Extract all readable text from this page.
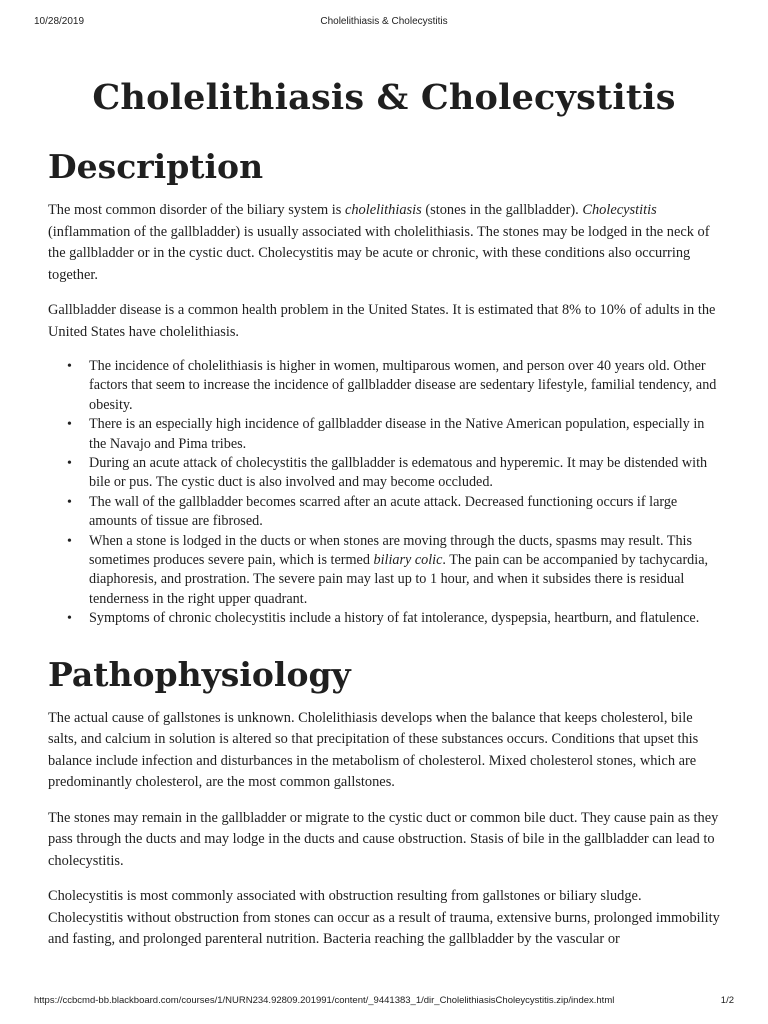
10/28/2019	Cholelithiasis & Cholecystitis
Cholelithiasis & Cholecystitis
Description

The most common disorder of the biliary system is cholelithiasis (stones in the gallbladder). Cholecystitis (inflammation of the gallbladder) is usually associated with cholelithiasis. The stones may be lodged in the neck of the gallbladder or in the cystic duct. Cholecystitis may be acute or chronic, with these conditions also occurring together.

Gallbladder disease is a common health problem in the United States. It is estimated that 8% to 10% of adults in the United States have cholelithiasis.

• The incidence of cholelithiasis is higher in women, multiparous women, and person over 40 years old. Other factors that seem to increase the incidence of gallbladder disease are sedentary lifestyle, familial tendency, and obesity.
• There is an especially high incidence of gallbladder disease in the Native American population, especially in the Navajo and Pima tribes.
• During an acute attack of cholecystitis the gallbladder is edematous and hyperemic. It may be distended with bile or pus. The cystic duct is also involved and may become occluded.
• The wall of the gallbladder becomes scarred after an acute attack. Decreased functioning occurs if large amounts of tissue are fibrosed.
• When a stone is lodged in the ducts or when stones are moving through the ducts, spasms may result. This sometimes produces severe pain, which is termed biliary colic. The pain can be accompanied by tachycardia, diaphoresis, and prostration. The severe pain may last up to 1 hour, and when it subsides there is residual tenderness in the right upper quadrant.
• Symptoms of chronic cholecystitis include a history of fat intolerance, dyspepsia, heartburn, and flatulence.
Pathophysiology

The actual cause of gallstones is unknown. Cholelithiasis develops when the balance that keeps cholesterol, bile salts, and calcium in solution is altered so that precipitation of these substances occurs. Conditions that upset this balance include infection and disturbances in the metabolism of cholesterol. Mixed cholesterol stones, which are predominantly cholesterol, are the most common gallstones.

The stones may remain in the gallbladder or migrate to the cystic duct or common bile duct. They cause pain as they pass through the ducts and may lodge in the ducts and cause obstruction. Stasis of bile in the gallbladder can lead to cholecystitis.

Cholecystitis is most commonly associated with obstruction resulting from gallstones or biliary sludge. Cholecystitis without obstruction from stones can occur as a result of trauma, extensive burns, prolonged immobility and fasting, and prolonged parenteral nutrition. Bacteria reaching the gallbladder by the vascular or

https://ccbcmd-bb.blackboard.com/courses/1/NURN234.92809.201991/content/_9441383_1/dir_CholelithiasisCholeycystitis.zip/index.html	1/2
